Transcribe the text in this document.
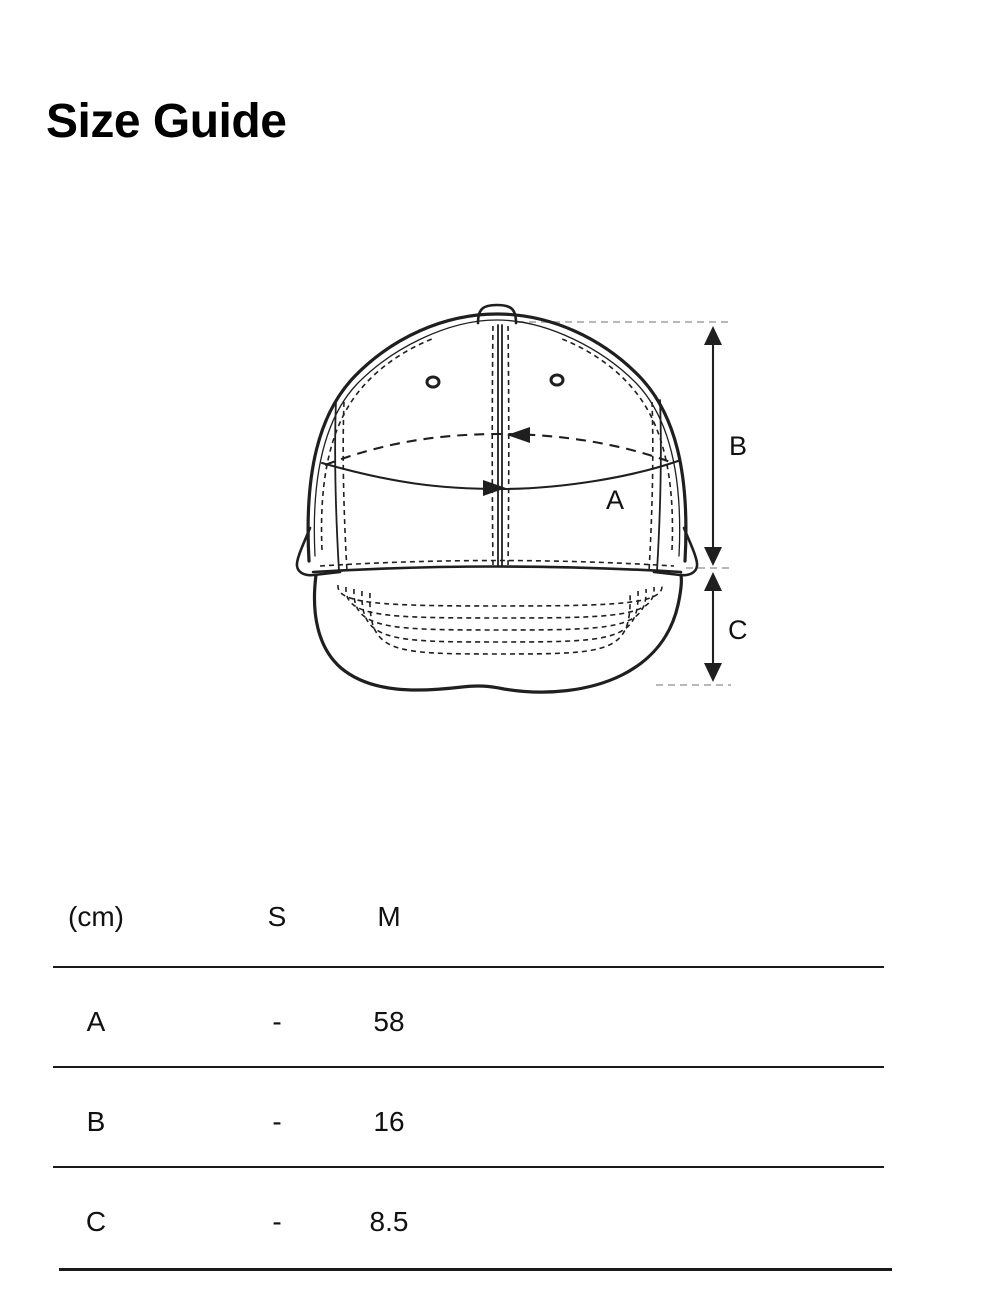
Size Guide
A
B
C
(cm)	S	M
A	-	58
B	-	16
C	-	8.5
